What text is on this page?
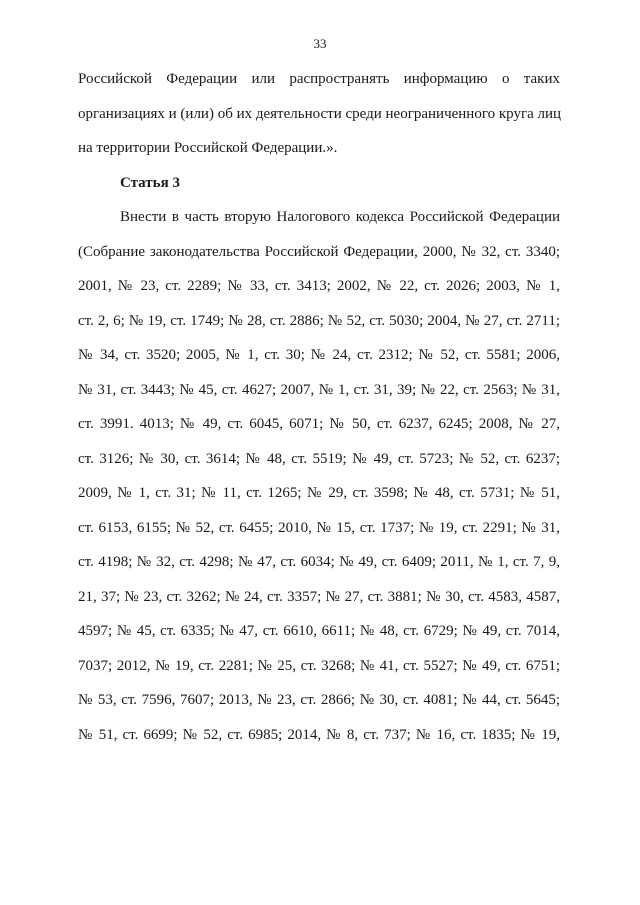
33
Российской Федерации или распространять информацию о таких
организациях и (или) об их деятельности среди неограниченного круга лиц
на территории Российской Федерации.».
Статья 3
Внести в часть вторую Налогового кодекса Российской Федерации
(Собрание законодательства Российской Федерации, 2000, № 32, ст. 3340;
2001, № 23, ст. 2289; № 33, ст. 3413; 2002, № 22, ст. 2026; 2003, № 1,
ст. 2, 6; № 19, ст. 1749; № 28, ст. 2886; № 52, ст. 5030; 2004, № 27, ст. 2711;
№ 34, ст. 3520; 2005, № 1, ст. 30; № 24, ст. 2312; № 52, ст. 5581; 2006,
№ 31, ст. 3443; № 45, ст. 4627; 2007, № 1, ст. 31, 39; № 22, ст. 2563; № 31,
ст. 3991. 4013; № 49, ст. 6045, 6071; № 50, ст. 6237, 6245; 2008, № 27,
ст. 3126; № 30, ст. 3614; № 48, ст. 5519; № 49, ст. 5723; № 52, ст. 6237;
2009, № 1, ст. 31; № 11, ст. 1265; № 29, ст. 3598; № 48, ст. 5731; № 51,
ст. 6153, 6155; № 52, ст. 6455; 2010, № 15, ст. 1737; № 19, ст. 2291; № 31,
ст. 4198; № 32, ст. 4298; № 47, ст. 6034; № 49, ст. 6409; 2011, № 1, ст. 7, 9,
21, 37; № 23, ст. 3262; № 24, ст. 3357; № 27, ст. 3881; № 30, ст. 4583, 4587,
4597; № 45, ст. 6335; № 47, ст. 6610, 6611; № 48, ст. 6729; № 49, ст. 7014,
7037; 2012, № 19, ст. 2281; № 25, ст. 3268; № 41, ст. 5527; № 49, ст. 6751;
№ 53, ст. 7596, 7607; 2013, № 23, ст. 2866; № 30, ст. 4081; № 44, ст. 5645;
№ 51, ст. 6699; № 52, ст. 6985; 2014, № 8, ст. 737; № 16, ст. 1835; № 19,
